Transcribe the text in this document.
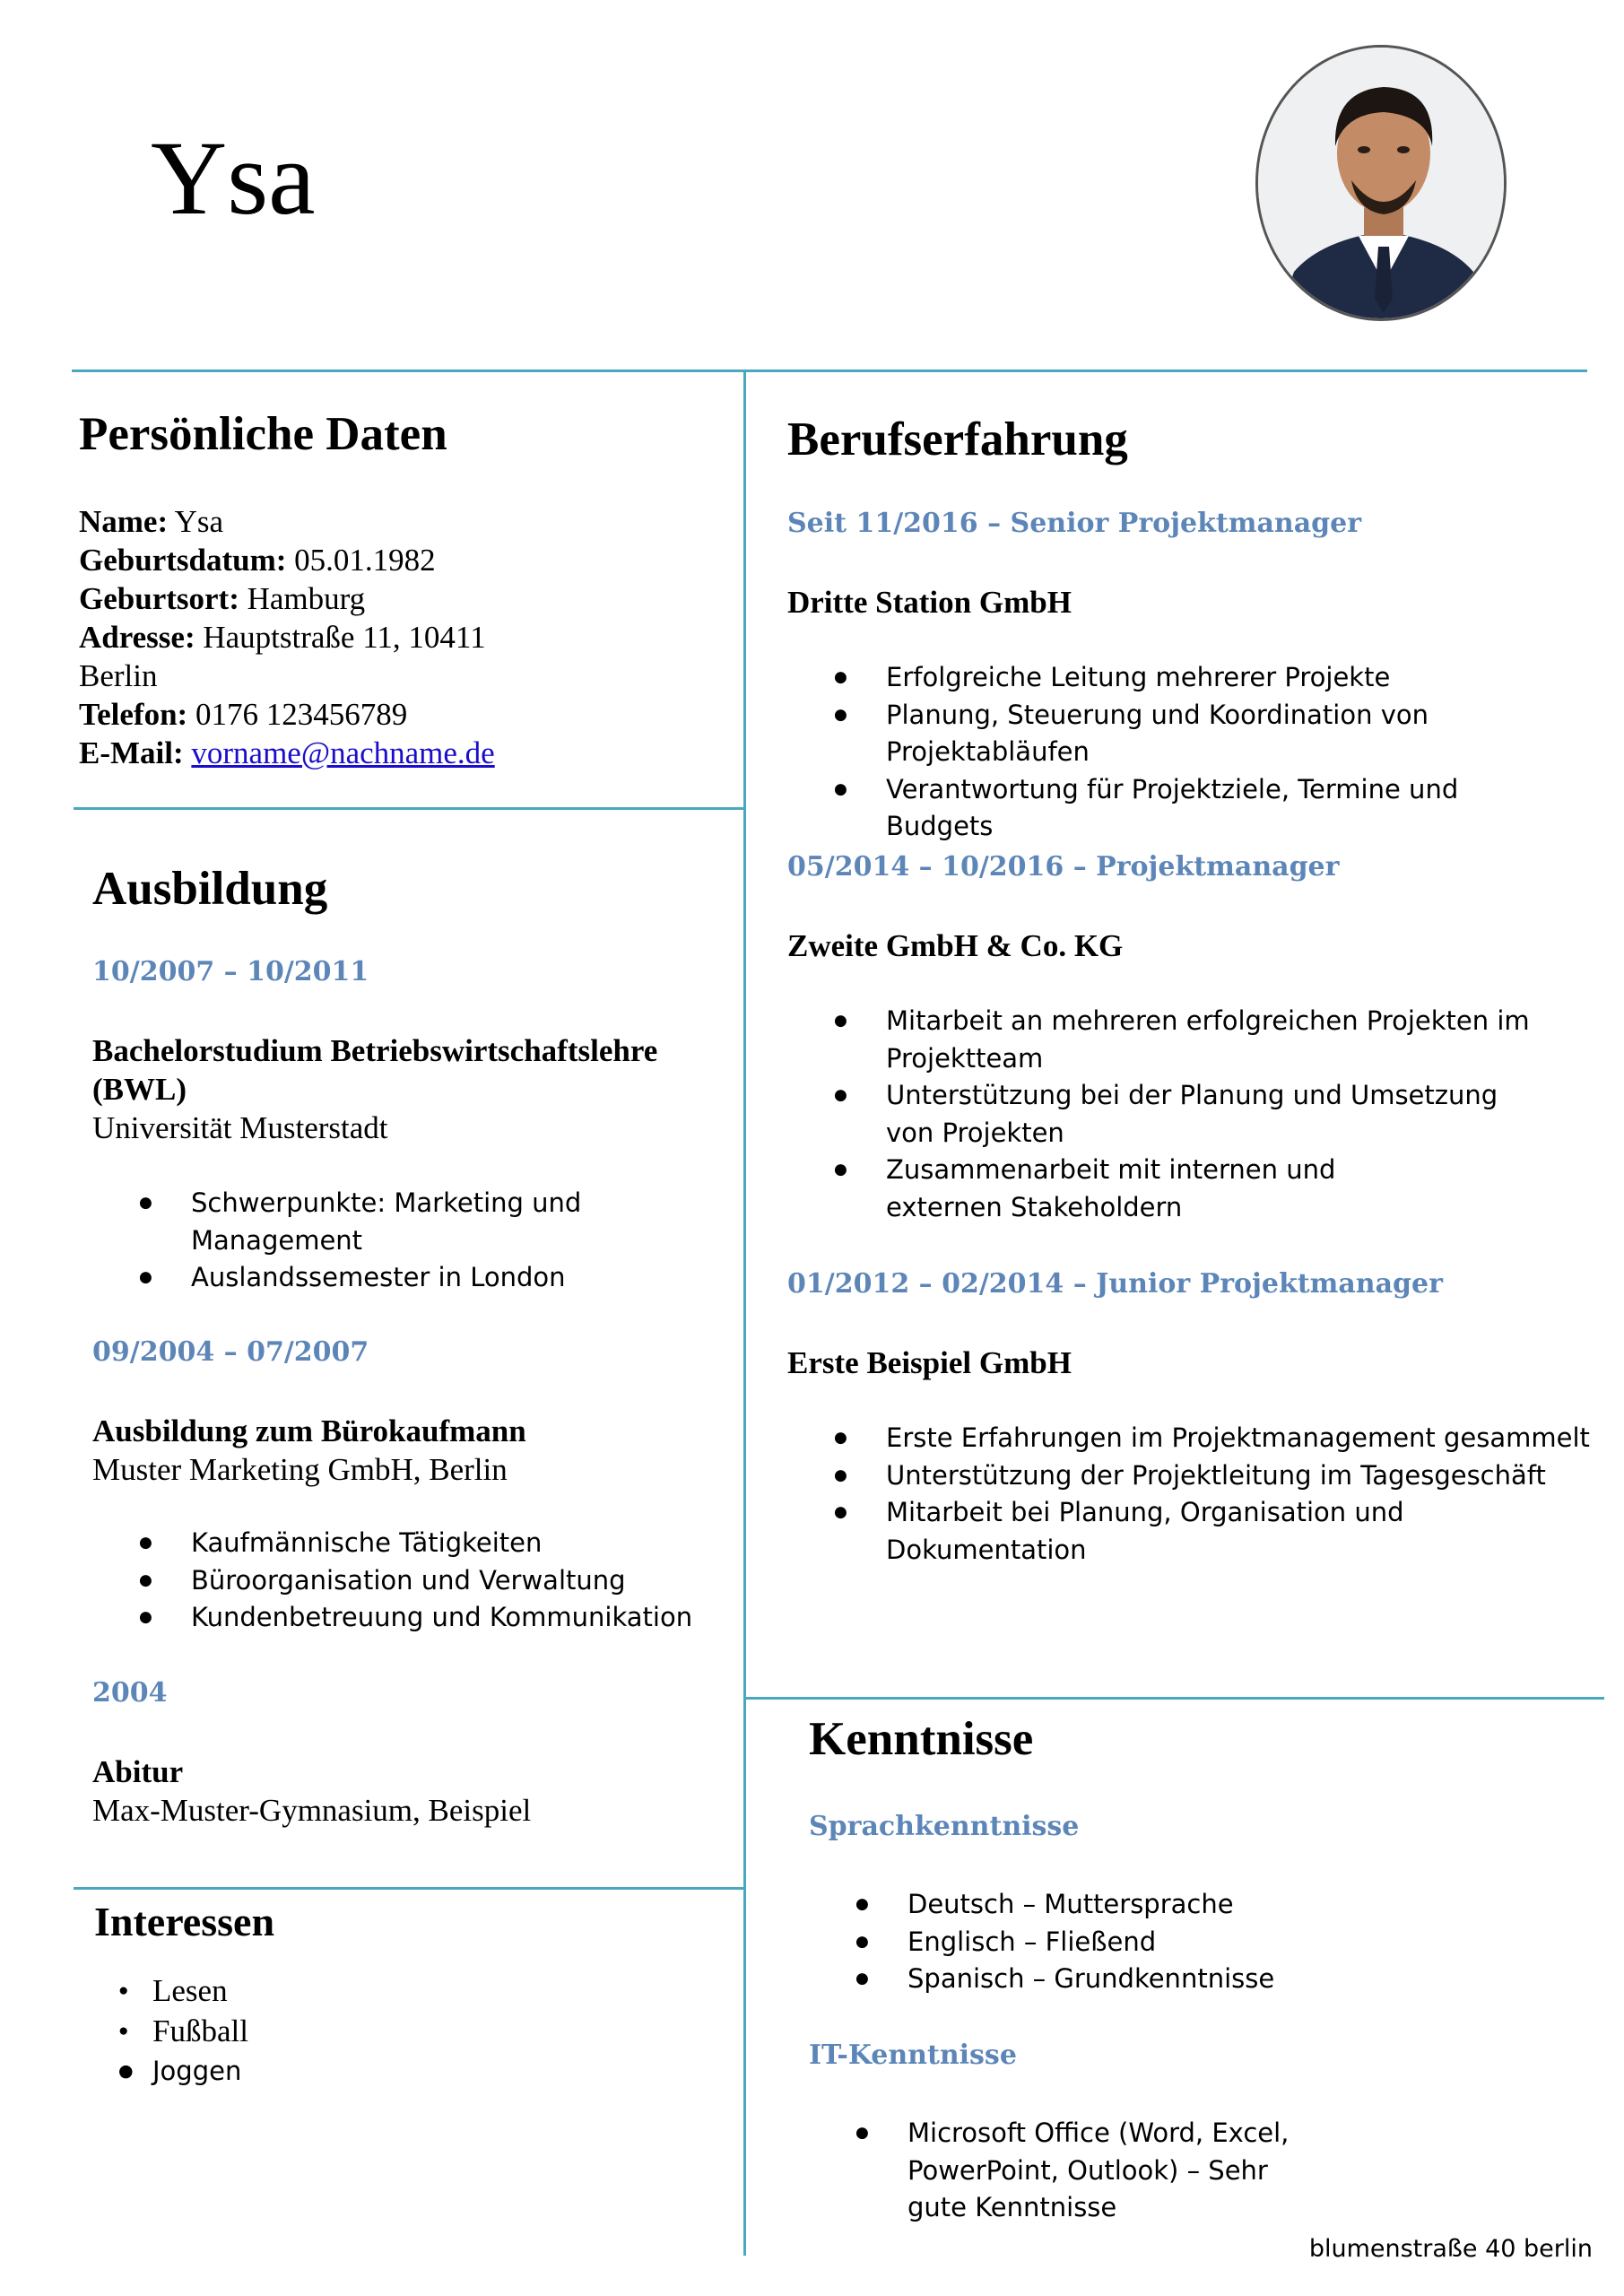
Ysa
Persönliche Daten
Name: Ysa
Geburtsdatum: 05.01.1982
Geburtsort: Hamburg
Adresse: Hauptstraße 11, 10411
Berlin
Telefon: 0176 123456789
E-Mail: vorname@nachname.de
Ausbildung
10/2007 – 10/2011
Bachelorstudium Betriebswirtschaftslehre
(BWL)
Universität Musterstadt
● Schwerpunkte: Marketing und Management
● Auslandssemester in London
09/2004 – 07/2007
Ausbildung zum Bürokaufmann
Muster Marketing GmbH, Berlin
● Kaufmännische Tätigkeiten
● Büroorganisation und Verwaltung
● Kundenbetreuung und Kommunikation
2004
Abitur
Max-Muster-Gymnasium, Beispiel
Interessen
● Lesen
● Fußball
● Joggen
Berufserfahrung
Seit 11/2016 – Senior Projektmanager
Dritte Station GmbH
● Erfolgreiche Leitung mehrerer Projekte
● Planung, Steuerung und Koordination von Projektabläufen
● Verantwortung für Projektziele, Termine und Budgets
05/2014 – 10/2016 – Projektmanager
Zweite GmbH & Co. KG
● Mitarbeit an mehreren erfolgreichen Projekten im Projektteam
● Unterstützung bei der Planung und Umsetzung von Projekten
● Zusammenarbeit mit internen und externen Stakeholdern
01/2012 – 02/2014 – Junior Projektmanager
Erste Beispiel GmbH
● Erste Erfahrungen im Projektmanagement gesammelt
● Unterstützung der Projektleitung im Tagesgeschäft
● Mitarbeit bei Planung, Organisation und Dokumentation
Kenntnisse
Sprachkenntnisse
● Deutsch – Muttersprache
● Englisch – Fließend
● Spanisch – Grundkenntnisse
IT-Kenntnisse
● Microsoft Office (Word, Excel, PowerPoint, Outlook) – Sehr gute Kenntnisse
blumenstraße 40 berlin
